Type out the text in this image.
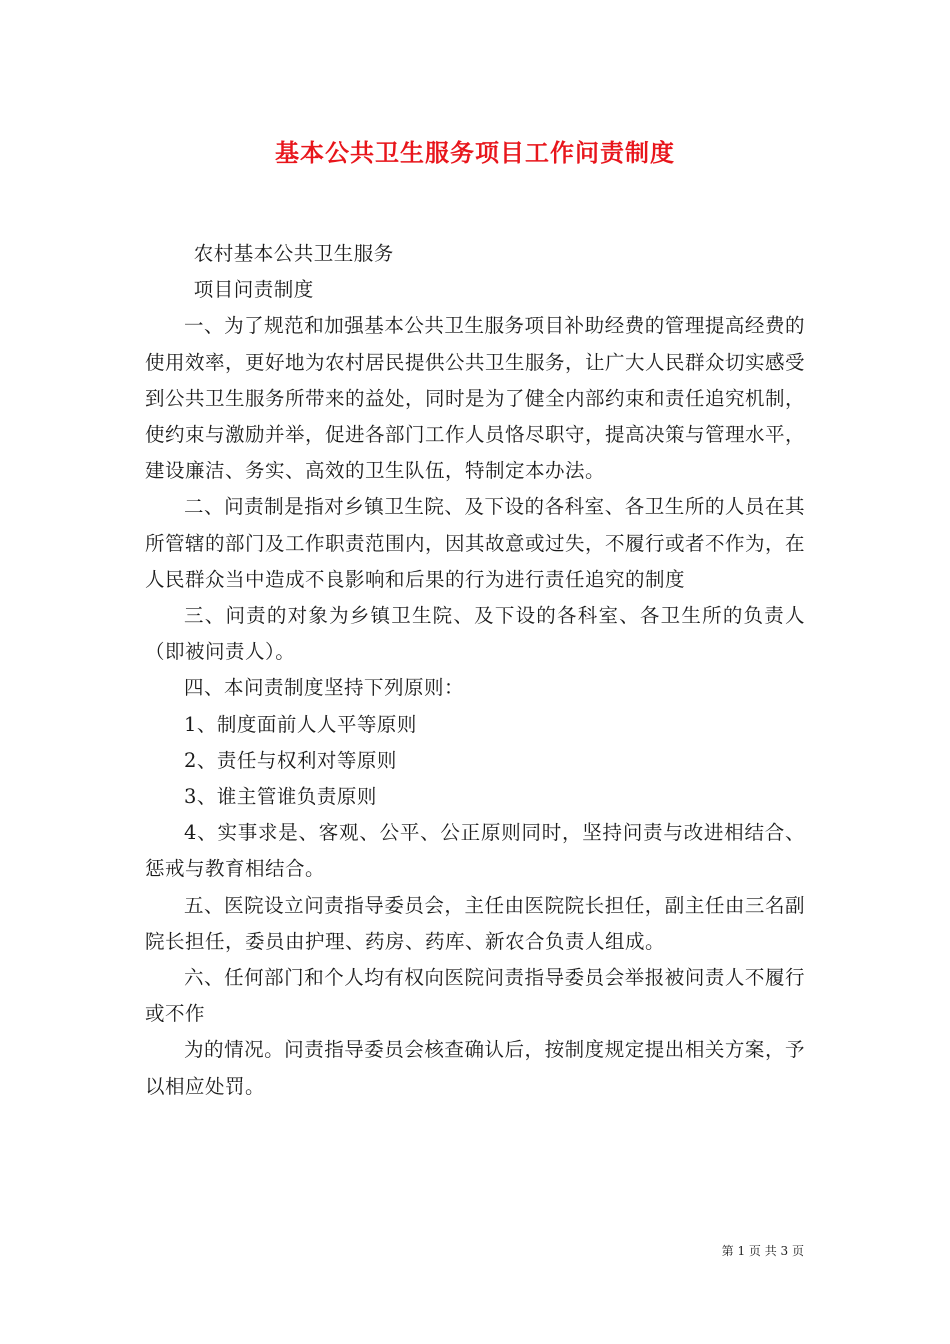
基本公共卫生服务项目工作问责制度

农村基本公共卫生服务

项目问责制度

一、为了规范和加强基本公共卫生服务项目补助经费的管理提高经费的使用效率，更好地为农村居民提供公共卫生服务，让广大人民群众切实感受到公共卫生服务所带来的益处，同时是为了健全内部约束和责任追究机制，使约束与激励并举，促进各部门工作人员恪尽职守，提高决策与管理水平，建设廉洁、务实、高效的卫生队伍，特制定本办法。

二、问责制是指对乡镇卫生院、及下设的各科室、各卫生所的人员在其所管辖的部门及工作职责范围内，因其故意或过失，不履行或者不作为，在人民群众当中造成不良影响和后果的行为进行责任追究的制度

三、问责的对象为乡镇卫生院、及下设的各科室、各卫生所的负责人（即被问责人）。

四、本问责制度坚持下列原则：

1、制度面前人人平等原则

2、责任与权利对等原则

3、谁主管谁负责原则

4、实事求是、客观、公平、公正原则同时，坚持问责与改进相结合、惩戒与教育相结合。

五、医院设立问责指导委员会，主任由医院院长担任，副主任由三名副院长担任，委员由护理、药房、药库、新农合负责人组成。

六、任何部门和个人均有权向医院问责指导委员会举报被问责人不履行或不作

为的情况。问责指导委员会核查确认后，按制度规定提出相关方案，予以相应处罚。

第 1 页 共 3 页
